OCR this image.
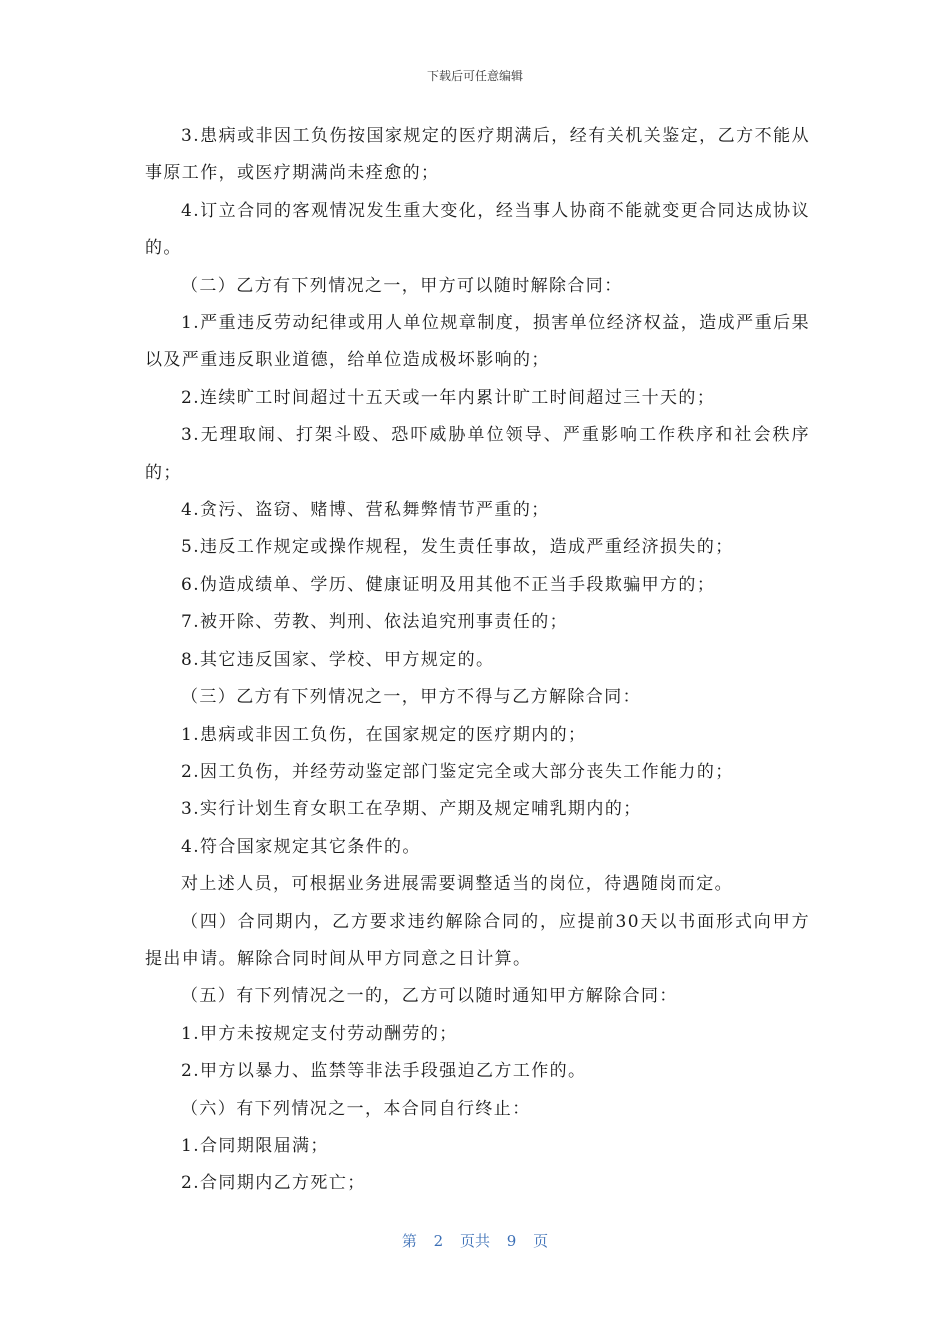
下载后可任意编辑

3.患病或非因工负伤按国家规定的医疗期满后，经有关机关鉴定，乙方不能从事原工作，或医疗期满尚未痊愈的；

4.订立合同的客观情况发生重大变化，经当事人协商不能就变更合同达成协议的。

（二）乙方有下列情况之一，甲方可以随时解除合同：

1.严重违反劳动纪律或用人单位规章制度，损害单位经济权益，造成严重后果以及严重违反职业道德，给单位造成极坏影响的；

2.连续旷工时间超过十五天或一年内累计旷工时间超过三十天的；

3.无理取闹、打架斗殴、恐吓威胁单位领导、严重影响工作秩序和社会秩序的；

4.贪污、盗窃、赌博、营私舞弊情节严重的；

5.违反工作规定或操作规程，发生责任事故，造成严重经济损失的；

6.伪造成绩单、学历、健康证明及用其他不正当手段欺骗甲方的；

7.被开除、劳教、判刑、依法追究刑事责任的；

8.其它违反国家、学校、甲方规定的。

（三）乙方有下列情况之一，甲方不得与乙方解除合同：

1.患病或非因工负伤，在国家规定的医疗期内的；

2.因工负伤，并经劳动鉴定部门鉴定完全或大部分丧失工作能力的；

3.实行计划生育女职工在孕期、产期及规定哺乳期内的；

4.符合国家规定其它条件的。

对上述人员，可根据业务进展需要调整适当的岗位，待遇随岗而定。

（四）合同期内，乙方要求违约解除合同的，应提前30天以书面形式向甲方提出申请。解除合同时间从甲方同意之日计算。

（五）有下列情况之一的，乙方可以随时通知甲方解除合同：

1.甲方未按规定支付劳动酬劳的；

2.甲方以暴力、监禁等非法手段强迫乙方工作的。

（六）有下列情况之一，本合同自行终止：

1.合同期限届满；

2.合同期内乙方死亡；

第 2 页共 9 页
